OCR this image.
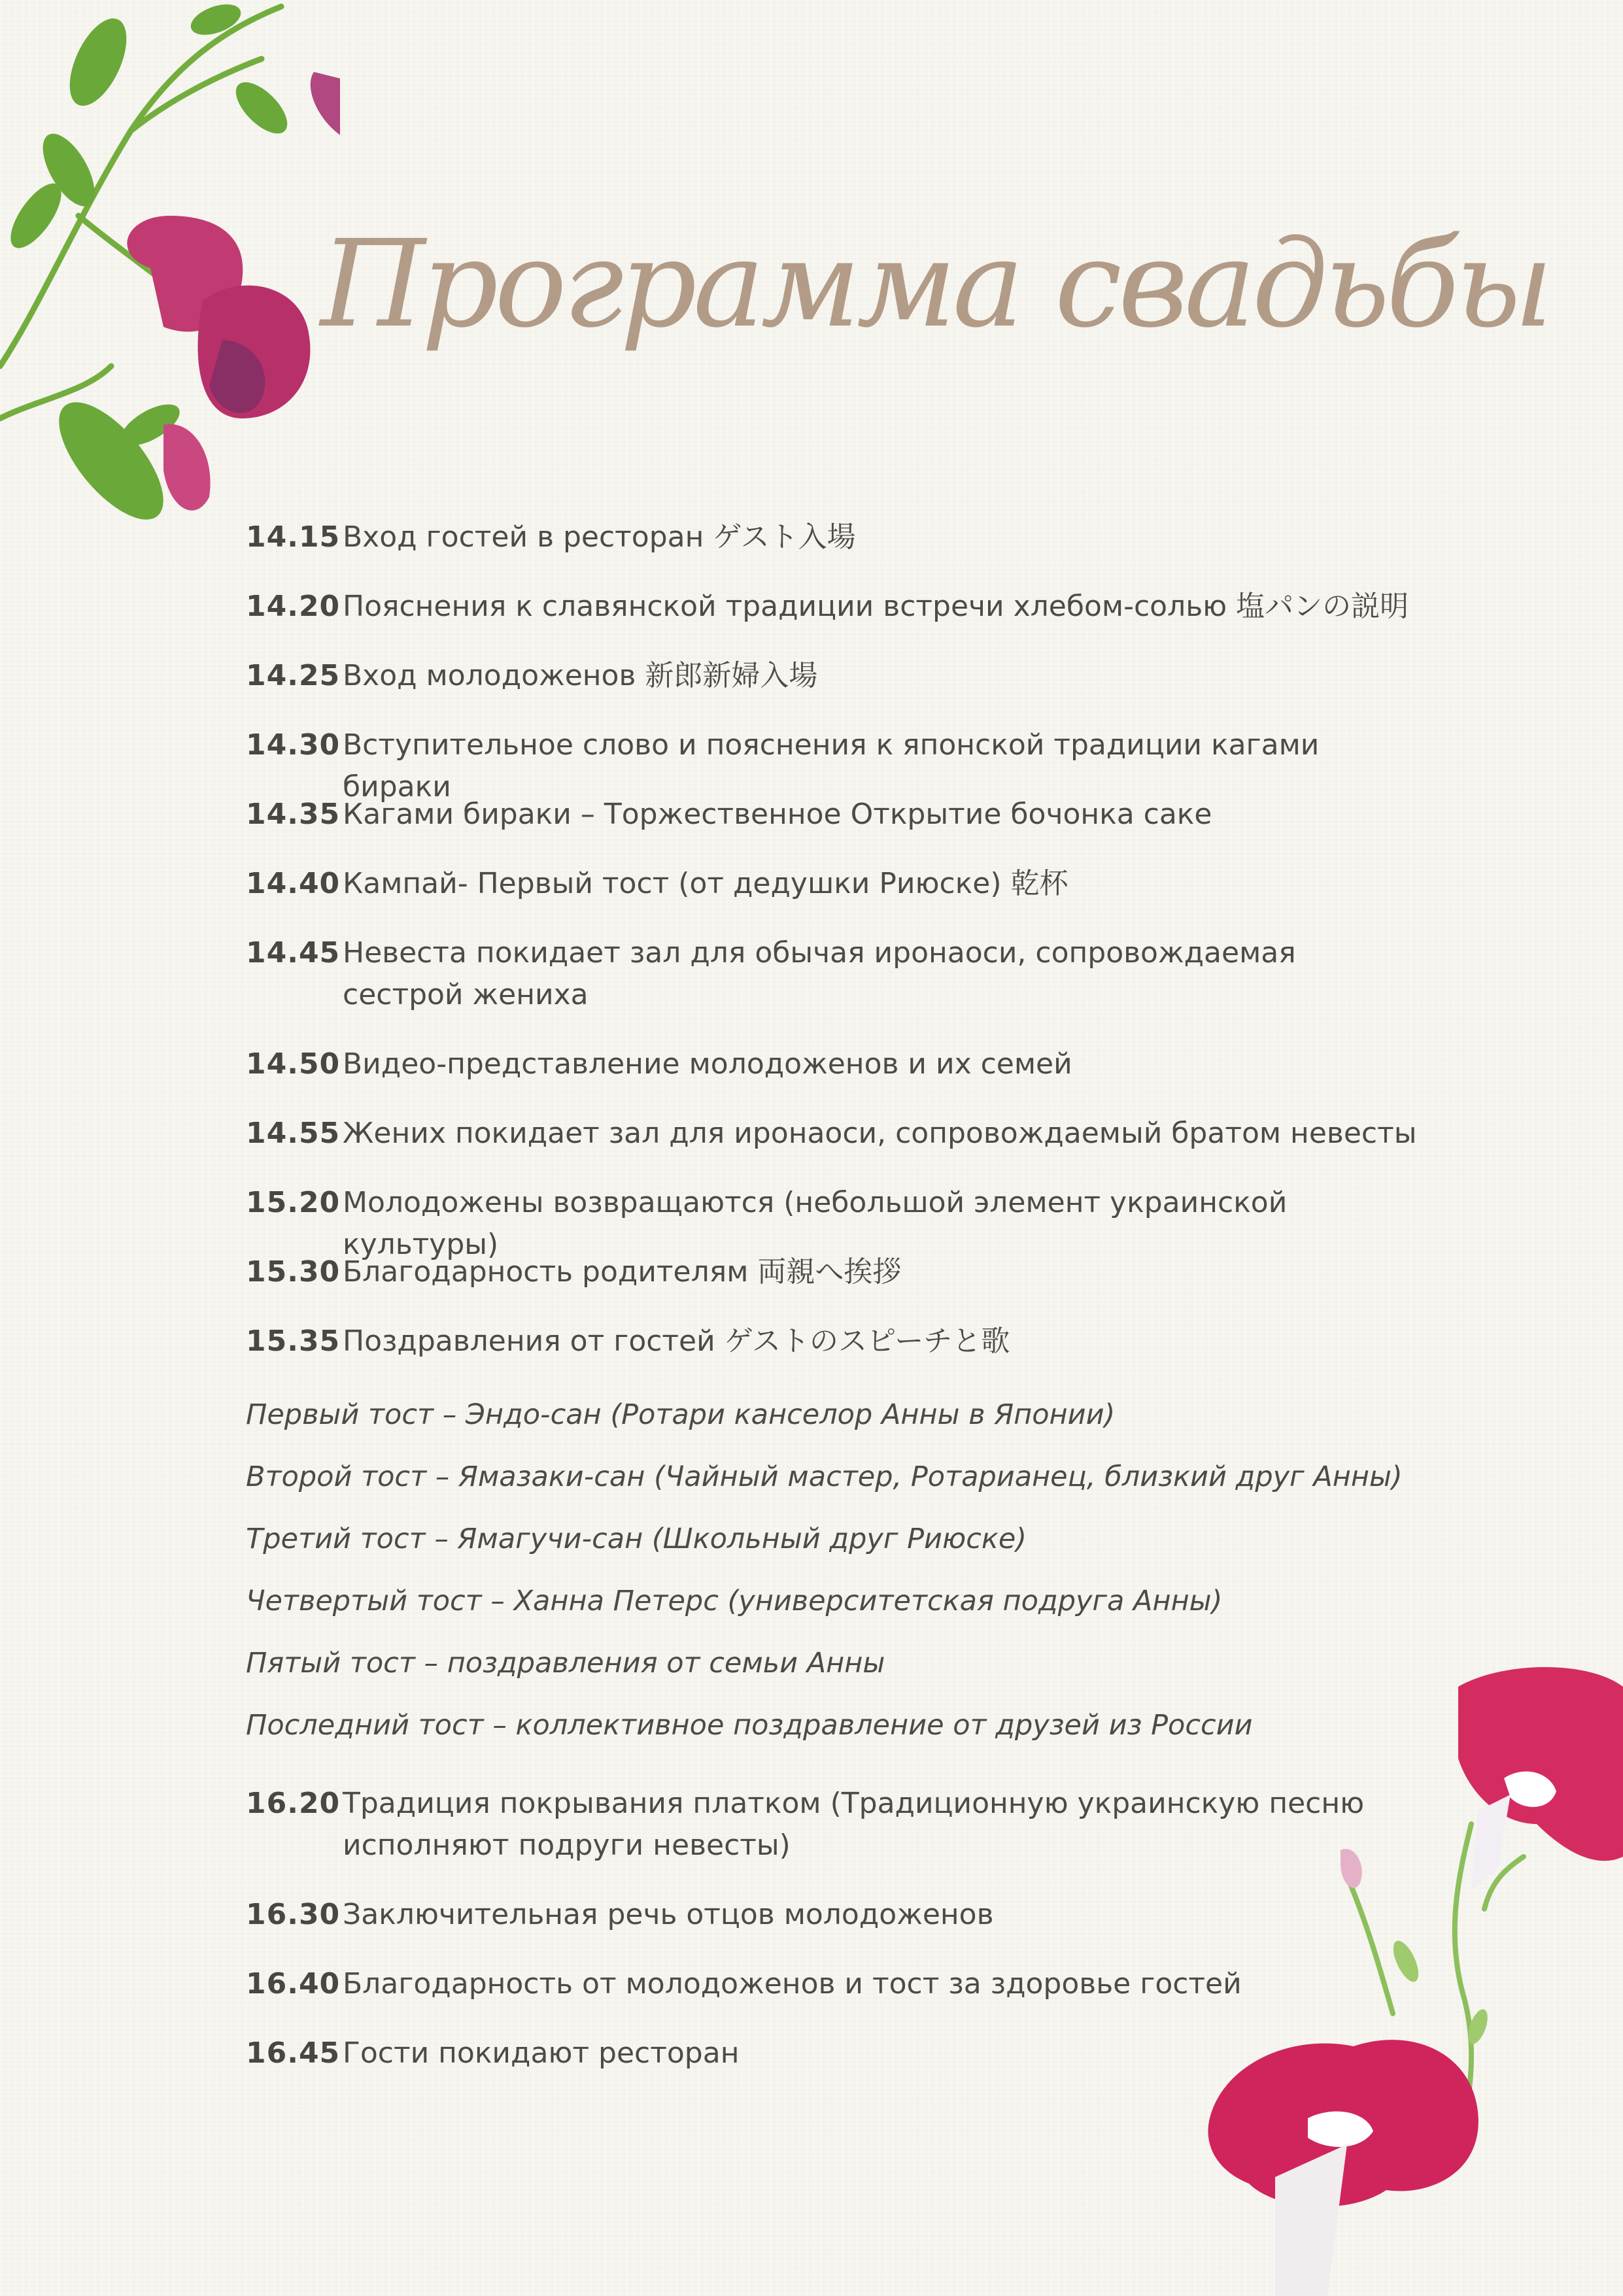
Программа свадьбы
14.15 Вход гостей в ресторан ゲスト入場
14.20 Пояснения к славянской традиции встречи хлебом-солью 塩パンの説明
14.25 Вход молодоженов 新郎新婦入場
14.30 Вступительное слово и пояснения к японской традиции кагами бираки
14.35 Кагами бираки – Торжественное Открытие бочонка саке
14.40 Кампай- Первый тост (от дедушки Риюске) 乾杯
14.45 Невеста покидает зал для обычая иронаоси, сопровождаемая сестрой жениха
14.50 Видео-представление молодоженов и их семей
14.55 Жених покидает зал для иронаоси, сопровождаемый братом невесты
15.20 Молодожены возвращаются (небольшой элемент украинской культуры)
15.30 Благодарность родителям 両親へ挨拶
15.35 Поздравления от гостей ゲストのスピーチと歌
Первый тост – Эндо-сан (Ротари канселор Анны в Японии)
Второй тост – Ямазаки-сан (Чайный мастер, Ротарианец, близкий друг Анны)
Третий тост – Ямагучи-сан (Школьный друг Риюске)
Четвертый тост – Ханна Петерс (университетская подруга Анны)
Пятый тост – поздравления от семьи Анны
Последний тост – коллективное поздравление от друзей из России
16.20 Традиция покрывания платком (Традиционную украинскую песню исполняют подруги невесты)
16.30 Заключительная речь отцов молодоженов
16.40 Благодарность от молодоженов и тост за здоровье гостей
16.45 Гости покидают ресторан
